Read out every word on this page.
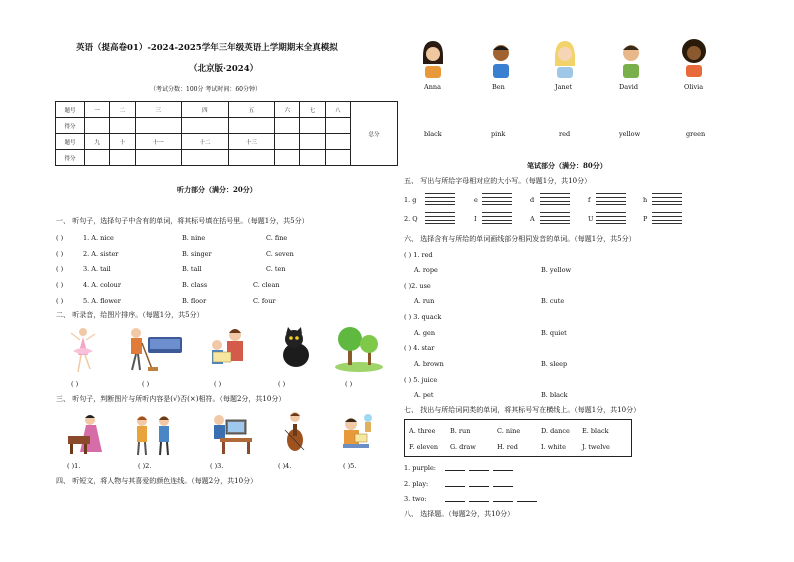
英语（提高卷01）-2024-2025学年三年级英语上学期期末全真模拟
（北京版·2024）
（考试分数：100分 考试时间：60分钟）
题号	一	二	三	四	五	六	七	八	总分
得分									
题号	九	十	十一	十二	十三				
得分									
听力部分（满分：20分）
一、 听句子，选择句子中含有的单词，将其标号填在括号里。（每题1分，共5分）
( )	1. A. nice	B. nine	C. fine
( )	2. A. sister	B. singer	C. seven
( )	3. A. tail	B. tall	C. ten
( )	4. A. colour	B. class	C. clean
( )	5. A. flower	B. floor	C. four
二、 听录音，给图片排序。（每题1分，共5分）
( )	( )	( )	( )	( )
三、 听句子，判断图片与所听内容是(√)否(×)相符。（每题2分，共10分）
( )1.	( )2.	( )3.	( )4.	( )5.
四、 听短文，将人物与其喜爱的颜色连线。（每题2分，共10分）
Anna	Ben	Janet	David	Olivia
black	pink	red	yellow	green
笔试部分（满分：80分）
五、 写出与所给字母相对应的大小写。（每题1分，共10分）
1. g	e	d	f	h
2. Q	I	A	U	P
六、 选择含有与所给的单词画线部分相同发音的单词。（每题1分，共5分）
( ) 1. red
A. rope	B. yellow
( )2. use
A. run	B. cute
( ) 3. quack
A. gen	B. quiet
( ) 4. star
A. brown	B. sleep
( ) 5. juice
A. pet	B. black
七、 找出与所给词同类的单词，将其标号写在横线上。（每题1分，共10分）
A. three B. run	C. nine	D. dance E. black
F. eleven G. draw	H. red	I. white J. twelve
1. purple:
2. play:
3. two:
八、 选择题。（每题2分，共10分）
